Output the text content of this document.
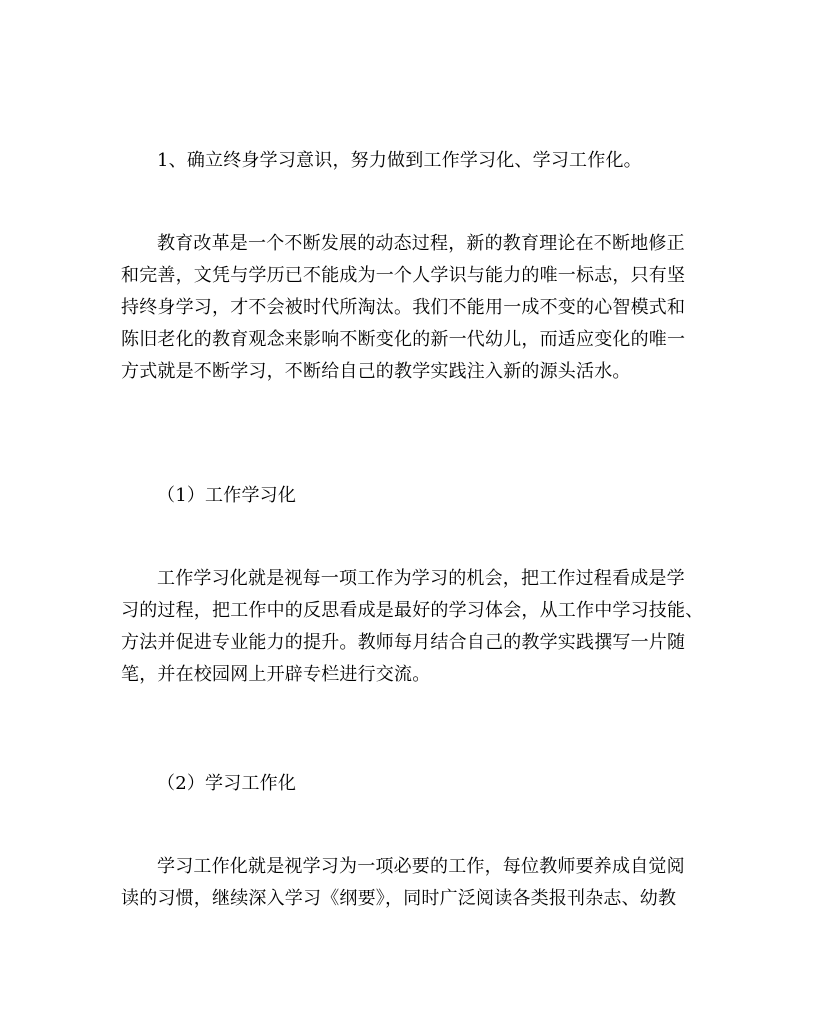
1、确立终身学习意识，努力做到工作学习化、学习工作化。
教育改革是一个不断发展的动态过程，新的教育理论在不断地修正
和完善，文凭与学历已不能成为一个人学识与能力的唯一标志，只有坚
持终身学习，才不会被时代所淘汰。我们不能用一成不变的心智模式和
陈旧老化的教育观念来影响不断变化的新一代幼儿，而适应变化的唯一
方式就是不断学习，不断给自己的教学实践注入新的源头活水。
（1）工作学习化
工作学习化就是视每一项工作为学习的机会，把工作过程看成是学
习的过程，把工作中的反思看成是最好的学习体会，从工作中学习技能、
方法并促进专业能力的提升。教师每月结合自己的教学实践撰写一片随
笔，并在校园网上开辟专栏进行交流。
（2）学习工作化
学习工作化就是视学习为一项必要的工作，每位教师要养成自觉阅
读的习惯，继续深入学习《纲要》，同时广泛阅读各类报刊杂志、幼教
